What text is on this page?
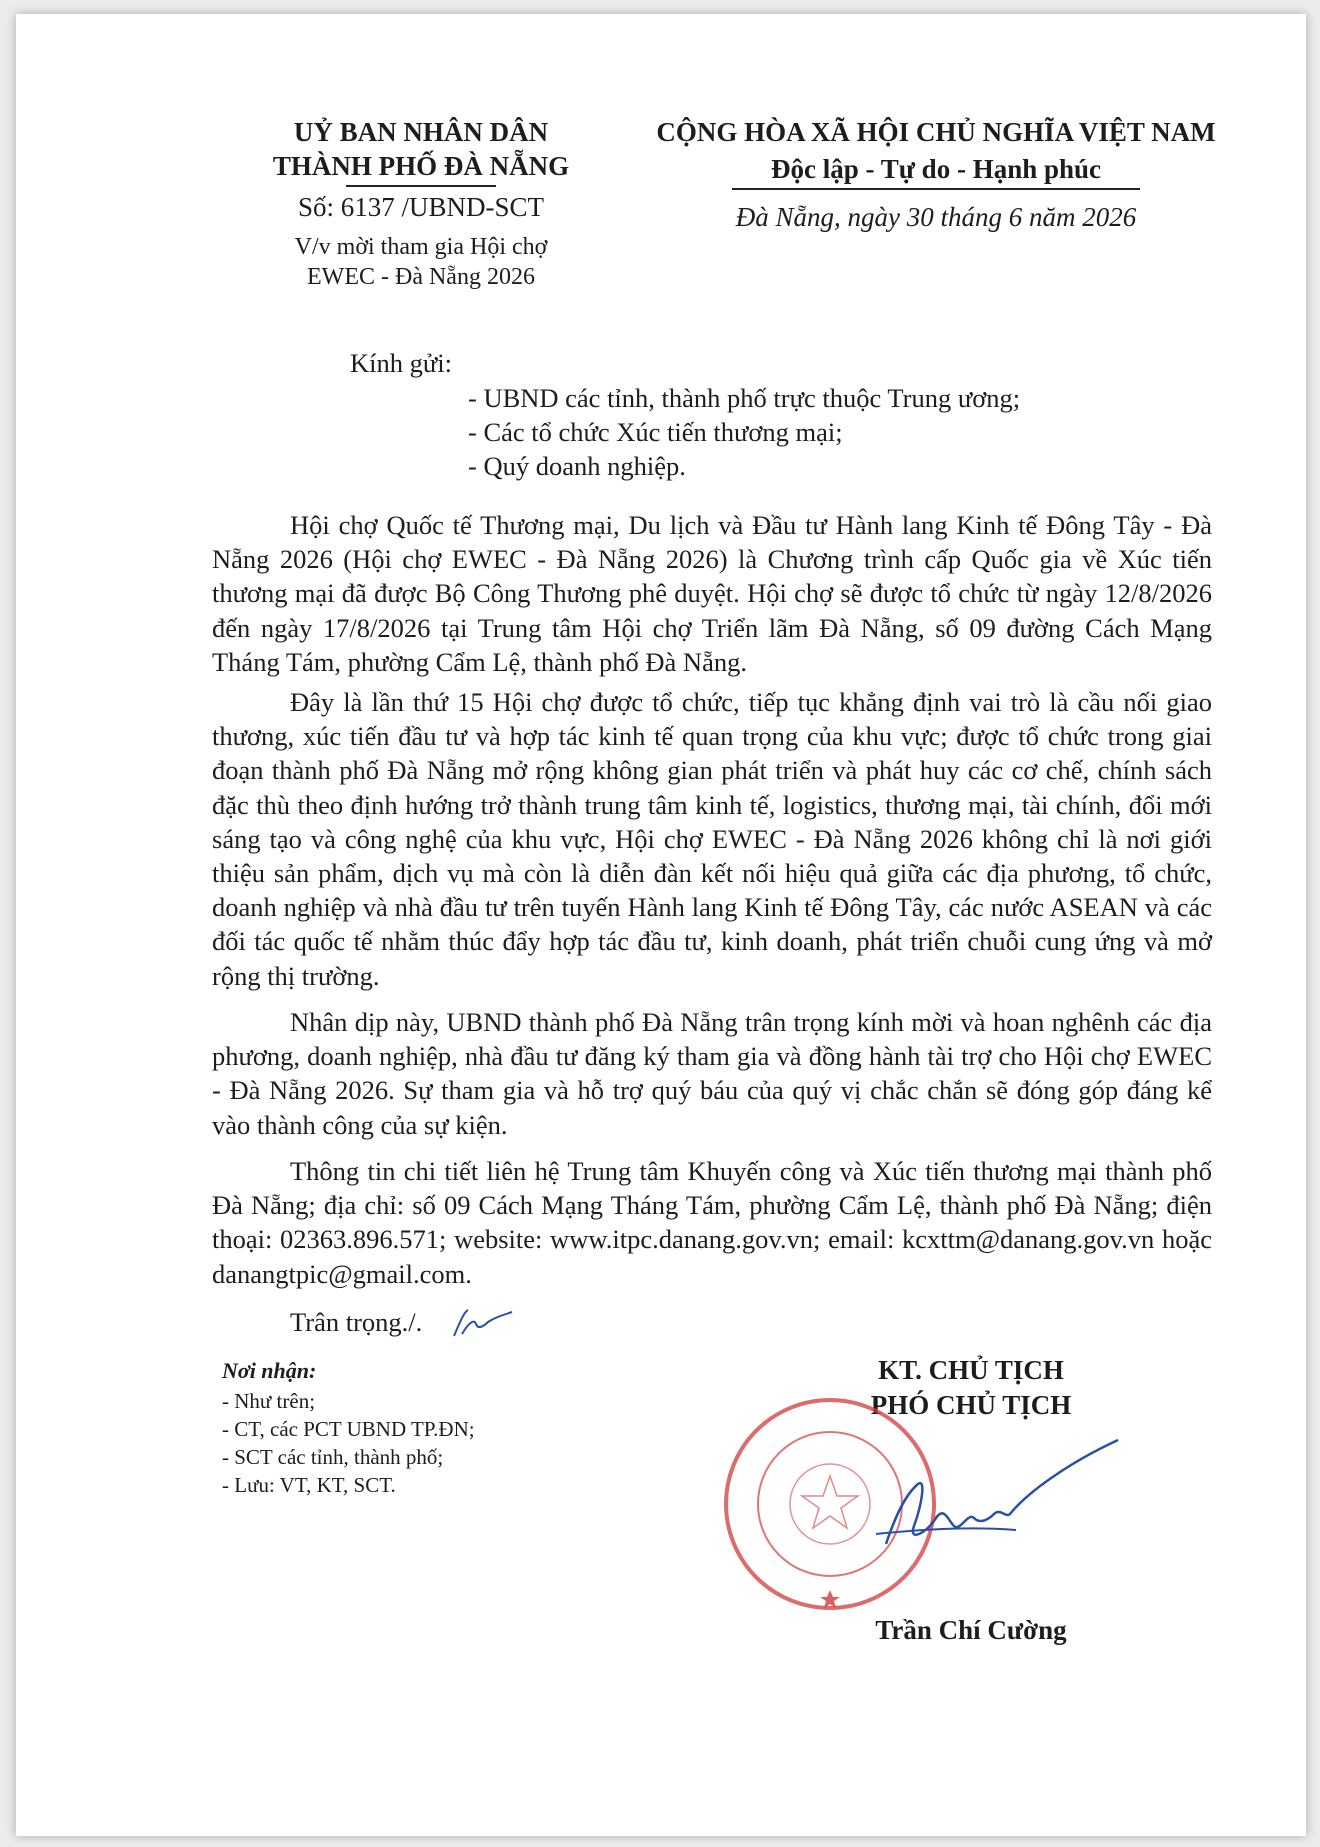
UỶ BAN NHÂN DÂN
THÀNH PHỐ ĐÀ NẴNG
Số: 6137 /UBND-SCT
V/v mời tham gia Hội chợ
EWEC - Đà Nẵng 2026
CỘNG HÒA XÃ HỘI CHỦ NGHĨA VIỆT NAM
Độc lập - Tự do - Hạnh phúc
Đà Nẵng, ngày 30 tháng 6 năm 2026
Kính gửi:
- UBND các tỉnh, thành phố trực thuộc Trung ương;
- Các tổ chức Xúc tiến thương mại;
- Quý doanh nghiệp.
Hội chợ Quốc tế Thương mại, Du lịch và Đầu tư Hành lang Kinh tế Đông Tây - Đà Nẵng 2026 (Hội chợ EWEC - Đà Nẵng 2026) là Chương trình cấp Quốc gia về Xúc tiến thương mại đã được Bộ Công Thương phê duyệt. Hội chợ sẽ được tổ chức từ ngày 12/8/2026 đến ngày 17/8/2026 tại Trung tâm Hội chợ Triển lãm Đà Nẵng, số 09 đường Cách Mạng Tháng Tám, phường Cẩm Lệ, thành phố Đà Nẵng.
Đây là lần thứ 15 Hội chợ được tổ chức, tiếp tục khẳng định vai trò là cầu nối giao thương, xúc tiến đầu tư và hợp tác kinh tế quan trọng của khu vực; được tổ chức trong giai đoạn thành phố Đà Nẵng mở rộng không gian phát triển và phát huy các cơ chế, chính sách đặc thù theo định hướng trở thành trung tâm kinh tế, logistics, thương mại, tài chính, đổi mới sáng tạo và công nghệ của khu vực, Hội chợ EWEC - Đà Nẵng 2026 không chỉ là nơi giới thiệu sản phẩm, dịch vụ mà còn là diễn đàn kết nối hiệu quả giữa các địa phương, tổ chức, doanh nghiệp và nhà đầu tư trên tuyến Hành lang Kinh tế Đông Tây, các nước ASEAN và các đối tác quốc tế nhằm thúc đẩy hợp tác đầu tư, kinh doanh, phát triển chuỗi cung ứng và mở rộng thị trường.
Nhân dịp này, UBND thành phố Đà Nẵng trân trọng kính mời và hoan nghênh các địa phương, doanh nghiệp, nhà đầu tư đăng ký tham gia và đồng hành tài trợ cho Hội chợ EWEC - Đà Nẵng 2026. Sự tham gia và hỗ trợ quý báu của quý vị chắc chắn sẽ đóng góp đáng kể vào thành công của sự kiện.
Thông tin chi tiết liên hệ Trung tâm Khuyến công và Xúc tiến thương mại thành phố Đà Nẵng; địa chỉ: số 09 Cách Mạng Tháng Tám, phường Cẩm Lệ, thành phố Đà Nẵng; điện thoại: 02363.896.571; website: www.itpc.danang.gov.vn; email: kcxttm@danang.gov.vn hoặc danangtpic@gmail.com.
Trân trọng./.
Nơi nhận:
- Như trên;
- CT, các PCT UBND TP.ĐN;
- SCT các tỉnh, thành phố;
- Lưu: VT, KT, SCT.
KT. CHỦ TỊCH
PHÓ CHỦ TỊCH
Trần Chí Cường
